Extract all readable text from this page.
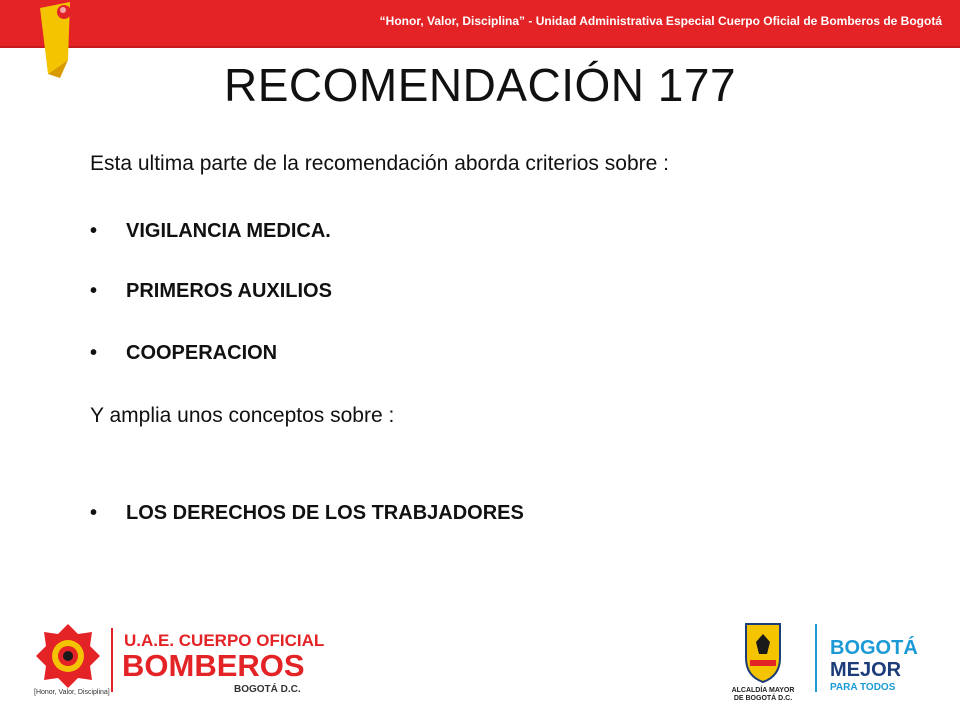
“Honor, Valor, Disciplina” - Unidad Administrativa Especial Cuerpo Oficial de Bomberos de Bogotá
RECOMENDACIÓN 177

Esta ultima parte de la recomendación aborda criterios sobre :

• VIGILANCIA MEDICA.
• PRIMEROS AUXILIOS
• COOPERACION

Y amplia unos conceptos sobre :

• LOS DERECHOS DE LOS TRABJADORES
[Honor, Valor, Disciplina]
U.A.E. CUERPO OFICIAL
BOMBEROS
BOGOTÁ D.C.	ALCALDÍA MAYOR
DE BOGOTÁ D.C.
BOGOTÁ
MEJOR
PARA TODOS
